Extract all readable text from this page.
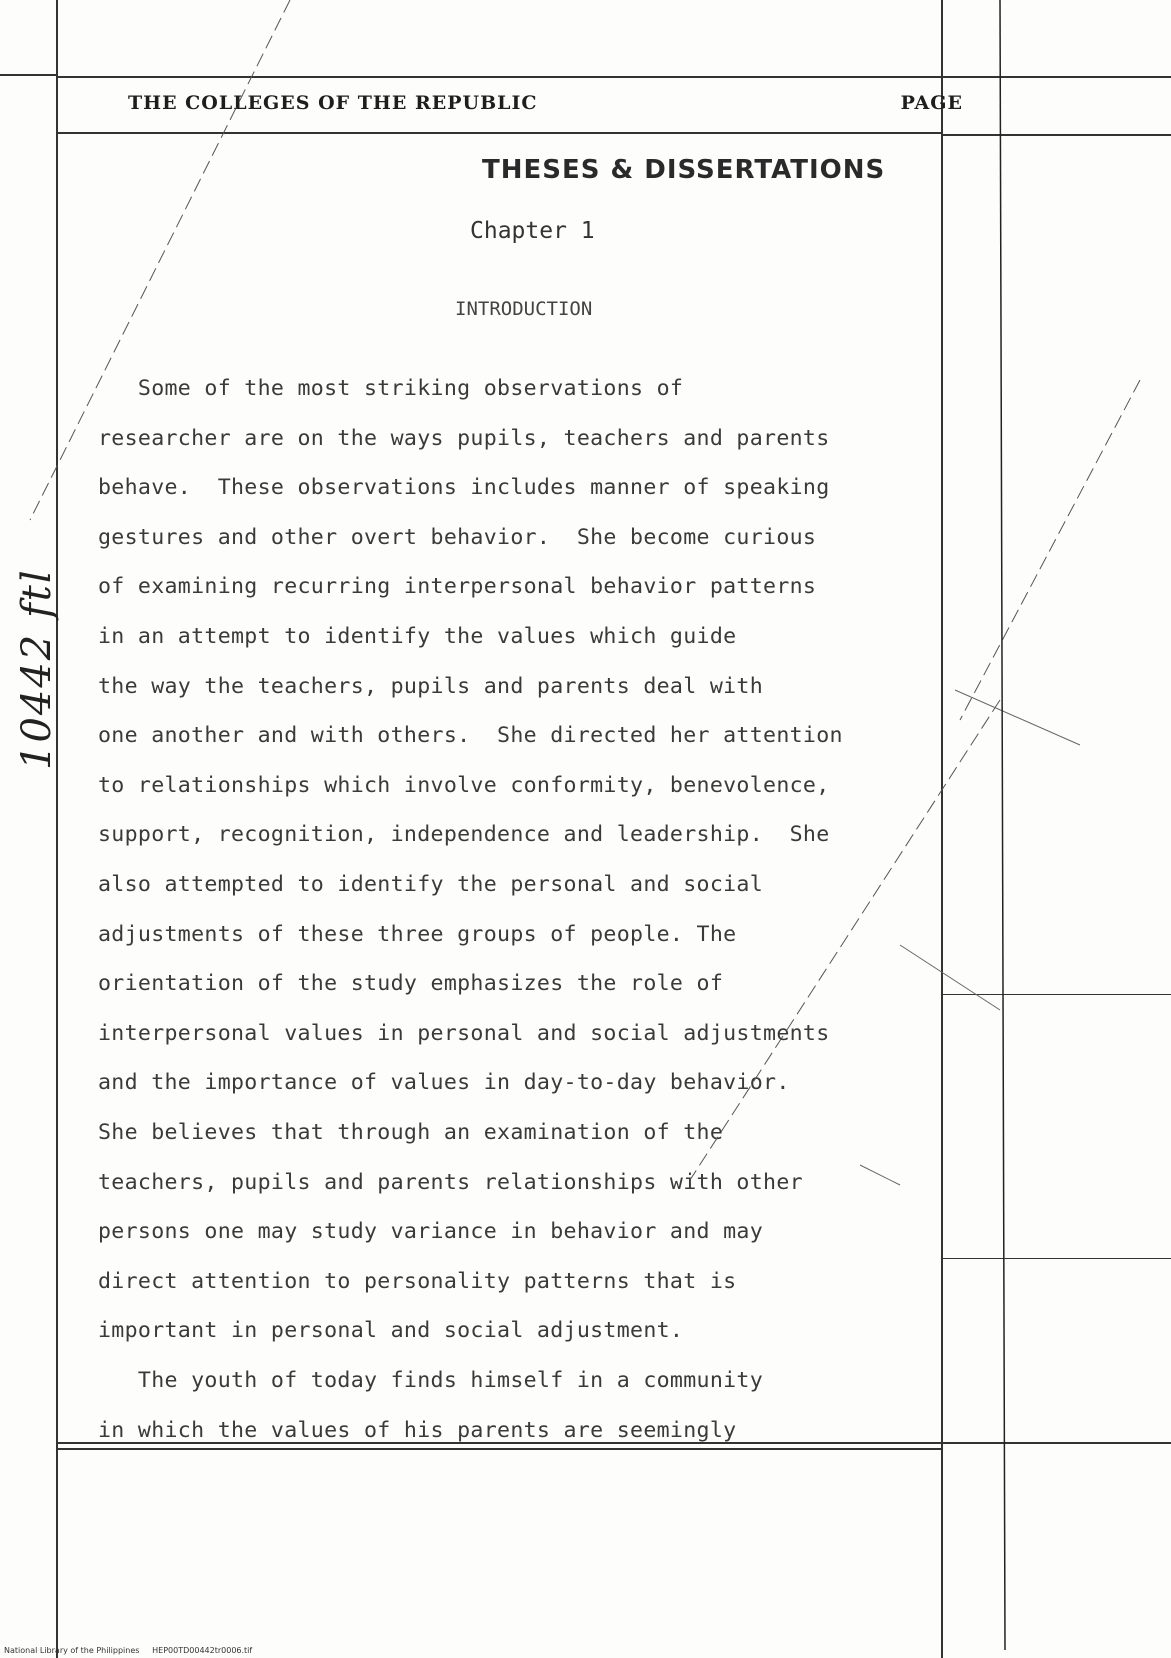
THE COLLEGES OF THE REPUBLIC	PAGE
THESES & DISSERTATIONS
Chapter 1
INTRODUCTION
Some of the most striking observations of
researcher are on the ways pupils, teachers and parents
behave.  These observations includes manner of speaking
gestures and other overt behavior.  She become curious
of examining recurring interpersonal behavior patterns
in an attempt to identify the values which guide
the way the teachers, pupils and parents deal with
one another and with others.  She directed her attention
to relationships which involve conformity, benevolence,
support, recognition, independence and leadership.  She
also attempted to identify the personal and social
adjustments of these three groups of people. The
orientation of the study emphasizes the role of
interpersonal values in personal and social adjustments
and the importance of values in day-to-day behavior.
She believes that through an examination of the
teachers, pupils and parents relationships with other
persons one may study variance in behavior and may
direct attention to personality patterns that is
important in personal and social adjustment.
The youth of today finds himself in a community
in which the values of his parents are seemingly
10442 ftl
National Library of the Philippines     HEP00TD00442tr0006.tif
